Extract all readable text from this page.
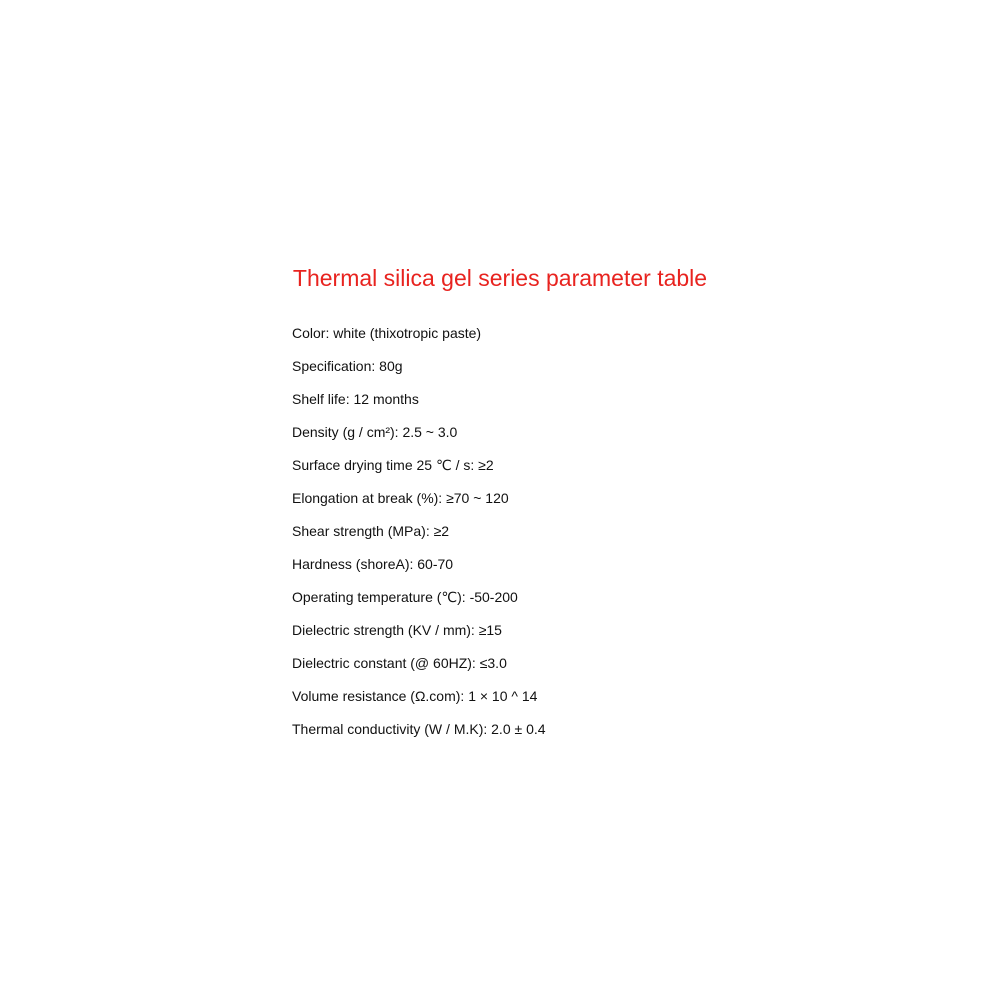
Thermal silica gel series parameter table
Color: white (thixotropic paste)
Specification: 80g
Shelf life: 12 months
Density (g / cm²): 2.5 ~ 3.0
Surface drying time 25 ℃ / s: ≥2
Elongation at break (%): ≥70 ~ 120
Shear strength (MPa): ≥2
Hardness (shoreA): 60-70
Operating temperature (℃): -50-200
Dielectric strength (KV / mm): ≥15
Dielectric constant (@ 60HZ): ≤3.0
Volume resistance (Ω.com): 1 × 10 ^ 14
Thermal conductivity (W / M.K): 2.0 ± 0.4
